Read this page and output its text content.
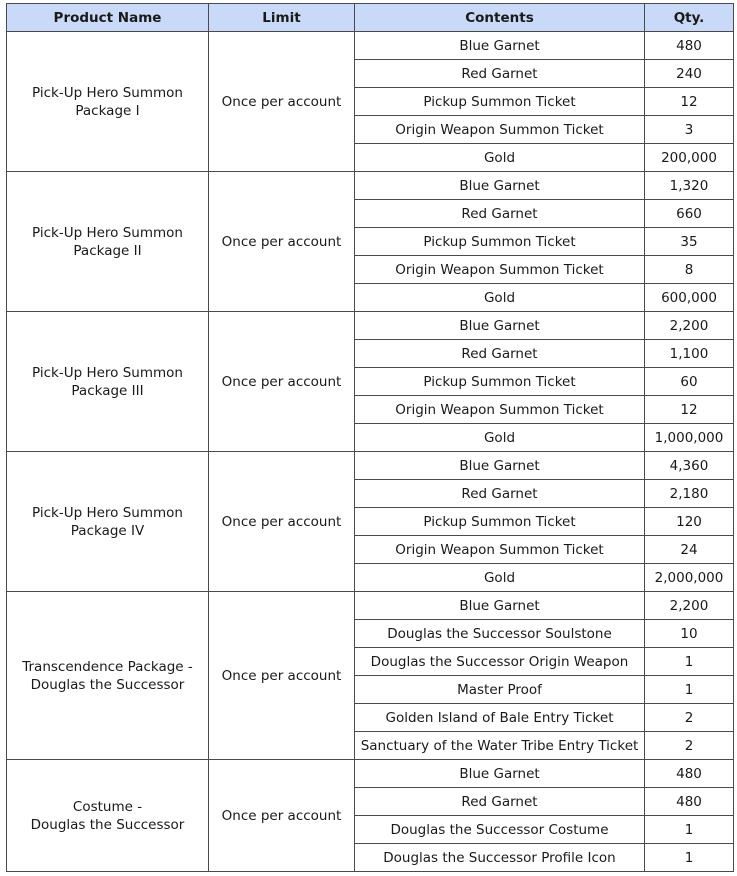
Product Name	Limit	Contents	Qty.

Pick-Up Hero Summon
Package I	Once per account	Blue Garnet	480
		Red Garnet	240
		Pickup Summon Ticket	12
		Origin Weapon Summon Ticket	3
		Gold	200,000

Pick-Up Hero Summon
Package II	Once per account	Blue Garnet	1,320
		Red Garnet	660
		Pickup Summon Ticket	35
		Origin Weapon Summon Ticket	8
		Gold	600,000

Pick-Up Hero Summon
Package III	Once per account	Blue Garnet	2,200
		Red Garnet	1,100
		Pickup Summon Ticket	60
		Origin Weapon Summon Ticket	12
		Gold	1,000,000

Pick-Up Hero Summon
Package IV	Once per account	Blue Garnet	4,360
		Red Garnet	2,180
		Pickup Summon Ticket	120
		Origin Weapon Summon Ticket	24
		Gold	2,000,000

Transcendence Package -
Douglas the Successor	Once per account	Blue Garnet	2,200
		Douglas the Successor Soulstone	10
		Douglas the Successor Origin Weapon	1
		Master Proof	1
		Golden Island of Bale Entry Ticket	2
		Sanctuary of the Water Tribe Entry Ticket	2

Costume -
Douglas the Successor	Once per account	Blue Garnet	480
		Red Garnet	480
		Douglas the Successor Costume	1
		Douglas the Successor Profile Icon	1
